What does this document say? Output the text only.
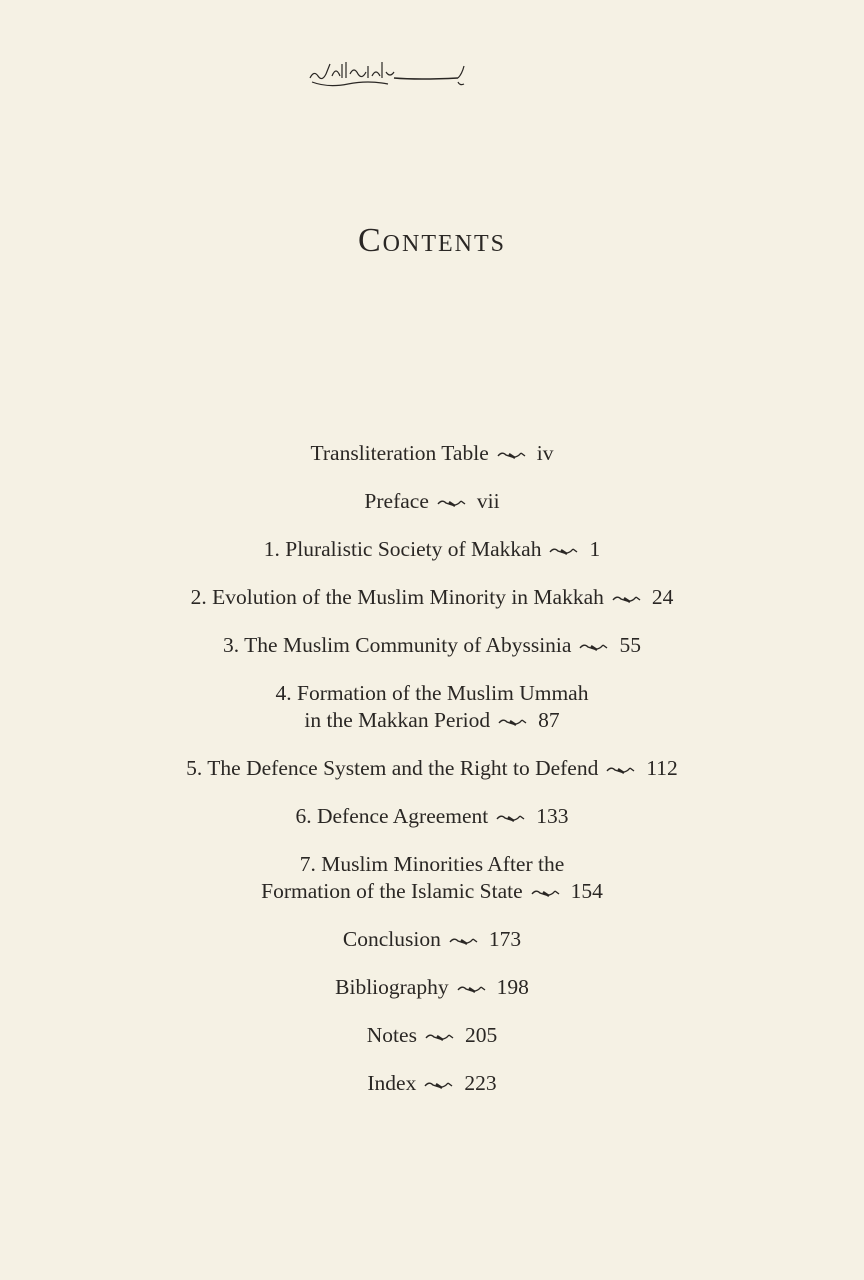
Contents
Transliteration Table iv
Preface vii
1. Pluralistic Society of Makkah 1
2. Evolution of the Muslim Minority in Makkah 24
3. The Muslim Community of Abyssinia 55
4. Formation of the Muslim Ummah
in the Makkan Period 87
5. The Defence System and the Right to Defend 112
6. Defence Agreement 133
7. Muslim Minorities After the
Formation of the Islamic State 154
Conclusion 173
Bibliography 198
Notes 205
Index 223
